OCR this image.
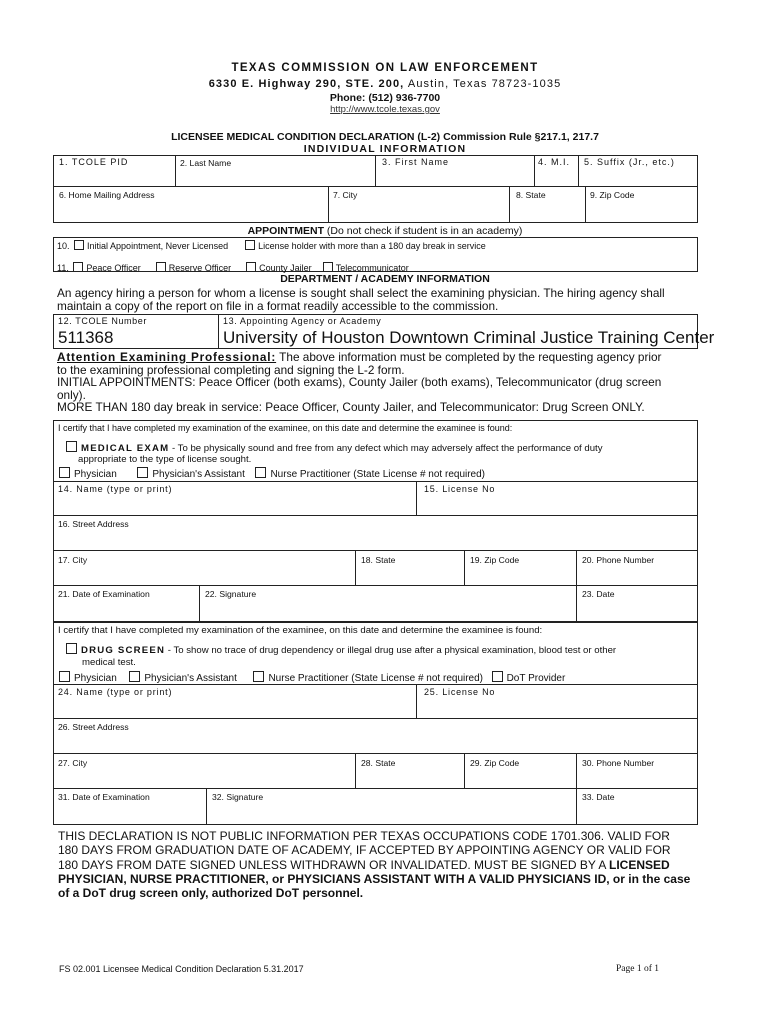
TEXAS COMMISSION ON LAW ENFORCEMENT
6330 E. Highway 290, STE. 200, Austin, Texas 78723-1035
Phone: (512) 936-7700
http://www.tcole.texas.gov
LICENSEE MEDICAL CONDITION DECLARATION (L-2) Commission Rule §217.1, 217.7
INDIVIDUAL INFORMATION
1. TCOLE PID	2. Last Name	3. First Name	4. M.I. 5. Suffix (Jr., etc.)
6. Home Mailing Address	7. City	8. State	9. Zip Code
APPOINTMENT (Do not check if student is in an academy)
10. Initial Appointment, Never Licensed	License holder with more than a 180 day break in service
11. Peace Officer	Reserve Officer	County Jailer	Telecommunicator
DEPARTMENT / ACADEMY INFORMATION
An agency hiring a person for whom a license is sought shall select the examining physician. The hiring agency shall
maintain a copy of the report on file in a format readily accessible to the commission.
12. TCOLE Number	13. Appointing Agency or Academy
511368	University of Houston Downtown Criminal Justice Training Center
Attention Examining Professional: The above information must be completed by the requesting agency prior
to the examining professional completing and signing the L-2 form.
INITIAL APPOINTMENTS: Peace Officer (both exams), County Jailer (both exams), Telecommunicator (drug screen
only).
MORE THAN 180 day break in service: Peace Officer, County Jailer, and Telecommunicator: Drug Screen ONLY.
I certify that I have completed my examination of the examinee, on this date and determine the examinee is found:
MEDICAL EXAM - To be physically sound and free from any defect which may adversely affect the performance of duty
appropriate to the type of license sought.
Physician	Physician's Assistant	Nurse Practitioner (State License # not required)
14. Name (type or print)	15. License No
16. Street Address
17. City	18. State	19. Zip Code	20. Phone Number
21. Date of Examination	22. Signature	23. Date
I certify that I have completed my examination of the examinee, on this date and determine the examinee is found:
DRUG SCREEN - To show no trace of drug dependency or illegal drug use after a physical examination, blood test or other
medical test.
Physician	Physician's Assistant	Nurse Practitioner (State License # not required) DoT Provider
24. Name (type or print)	25. License No
26. Street Address
27. City	28. State	29. Zip Code	30. Phone Number
31. Date of Examination	32. Signature	33. Date
THIS DECLARATION IS NOT PUBLIC INFORMATION PER TEXAS OCCUPATIONS CODE 1701.306. VALID FOR
180 DAYS FROM GRADUATION DATE OF ACADEMY, IF ACCEPTED BY APPOINTING AGENCY OR VALID FOR
180 DAYS FROM DATE SIGNED UNLESS WITHDRAWN OR INVALIDATED. MUST BE SIGNED BY A LICENSED
PHYSICIAN, NURSE PRACTITIONER, or PHYSICIANS ASSISTANT WITH A VALID PHYSICIANS ID, or in the case
of a DoT drug screen only, authorized DoT personnel.
FS 02.001 Licensee Medical Condition Declaration 5.31.2017	Page 1 of 1
